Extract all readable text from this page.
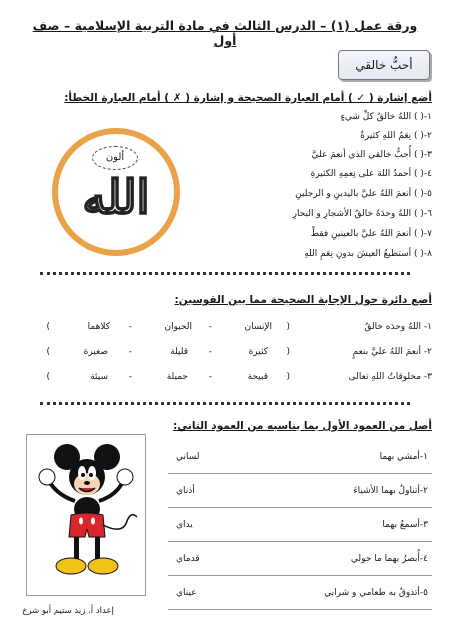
ورقة عمل (١) – الدرس الثالث في مادة التربية الإسلامية – صف أول
أحبُّ خالقي
أضع إشارة ( ✓ ) أمام العبارة الصحيحة و إشارة ( ✗ ) أمام العبارة الخطأ:
١-( ) اللهُ خالقُ كلِّ شيءٍ
٢-( ) نِعَمُ اللهِ كثيرةٌ
٣-( ) أُحبُّ خالقي الذي أنعمَ عليَّ
٤-( ) أحمدُ اللهَ على نِعمِهِ الكثيرةِ
٥-( ) أنعمَ اللهُ عليَّ باليدينِ و الرجلينِ
٦-( ) اللهُ وحدَهُ خالقُ الأشجارِ و البحارِ
٧-( ) أنعمَ اللهُ عليَّ بالعينينِ فقطْ
٨-( ) أستطيعُ العيشَ بدونِ نِعَمِ اللهِ
ألون
الله
أضع دائرة حول الإجابة الصحيحة مما بين القوسين:
١- اللهُ وحدَه خالقُ
(
الإنسان
-
الحيوان
-
كلاهما
)
٢- أنعمَ اللهُ عليَّ بنعمٍ
(
كثيرة
-
قليلة
-
صغيرة
)
٣- مخلوقاتُ اللهِ تعالى
(
قبيحة
-
جميلة
-
سيئة
)
أصل من العمود الأول بما يناسبه من العمود الثاني:
١-أمشي بهما	لساني
٢-أتناولُ بهما الأشياءَ	أذناي
٣-أسمعُ بهما	يداي
٤-أُبصرُ بهما ما حولي	قدماي
٥-أتذوقُ به طعامي و شرابي	عيناي
إعداد أ. زيد ستيم أبو شرخ
